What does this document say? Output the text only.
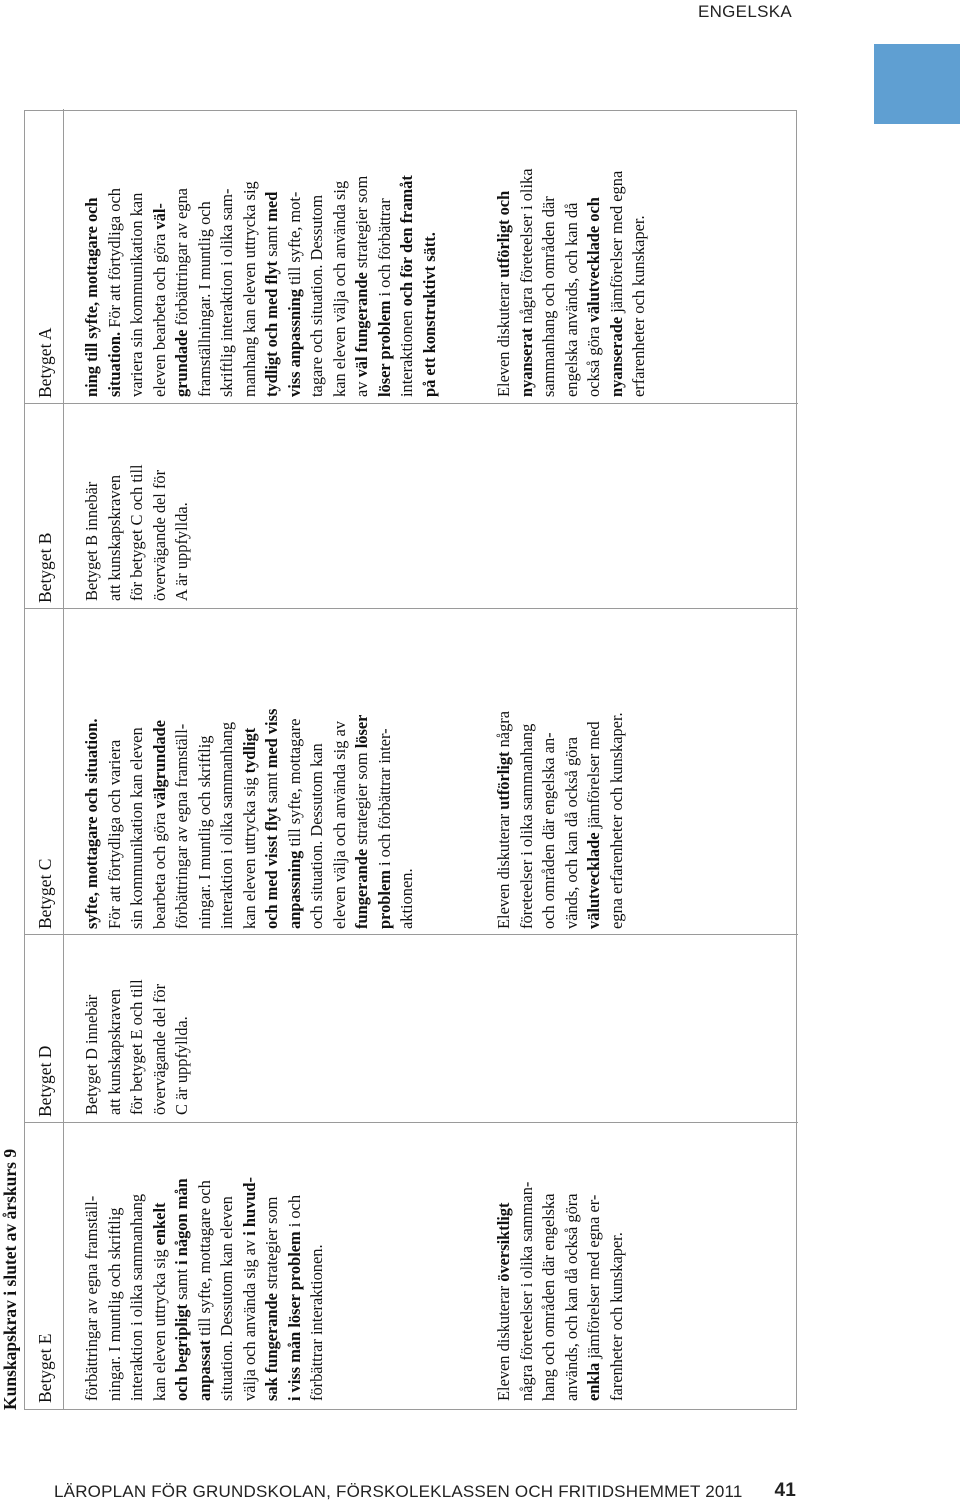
ENGELSKA
Kunskapskrav i slutet av årskurs 9 Betyget E
Betyget D
Betyget C
Betyget B
Betyget A
förbättringar av egna framställ- ningar. I muntlig och skriftlig interaktion i olika sammanhang kan eleven uttrycka sig enkelt
och begripligt samt i någon mån
anpassat till syfte, mottagare och situation. Dessutom kan eleven välja och använda sig av i huvud-
sak fungerande strategier som i viss mån löser problem i och
förbättrar interaktionen.
Betyget D innebär att kunskapskraven för betyget E och till övervägande del för C är uppfyllda.
syfte, mottagare och situation. För att förtydliga och variera sin kommunikation kan eleven bearbeta och göra välgrundade förbättringar av egna framställ- ningar. I muntlig och skriftlig interaktion i olika sammanhang kan eleven uttrycka sig tydligt
och med visst flyt samt med viss
anpassning till syfte, mottagare och situation. Dessutom kan eleven välja och använda sig av fungerande strategier som löser
problem i och förbättrar inter-
aktionen.
Betyget B innebär att kunskapskraven för betyget C och till övervägande del för A är uppfyllda.
ning till syfte, mottagare och situation. För att förtydliga och variera sin kommunikation kan eleven bearbeta och göra väl-
grundade förbättringar av egna framställningar. I muntlig och skriftlig interaktion i olika sam- manhang kan eleven uttrycka sig tydligt och med flyt samt med
viss anpassning till syfte, mot- tagare och situation. Dessutom kan eleven välja och använda sig av väl fungerande strategier som
löser problem i och förbättrar
interaktionen och för den framåt på ett konstruktivt sätt.
Eleven diskuterar översiktligt några företeelser i olika samman- hang och områden där engelska används, och kan då också göra enkla jämförelser med egna er- farenheter och kunskaper.
Eleven diskuterar utförligt några företeelser i olika sammanhang och områden där engelska an- vänds, och kan då också göra välutvecklade jämförelser med egna erfarenheter och kunskaper.
Eleven diskuterar utförligt och
nyanserat några företeelser i olika sammanhang och områden där engelska används, och kan då också göra välutvecklade och
nyanserade jämförelser med egna erfarenheter och kunskaper.
LÄROPLAN FÖR GRUNDSKOLAN, FÖRSKOLEKLASSEN OCH FRITIDSHEMMET 2011 41
